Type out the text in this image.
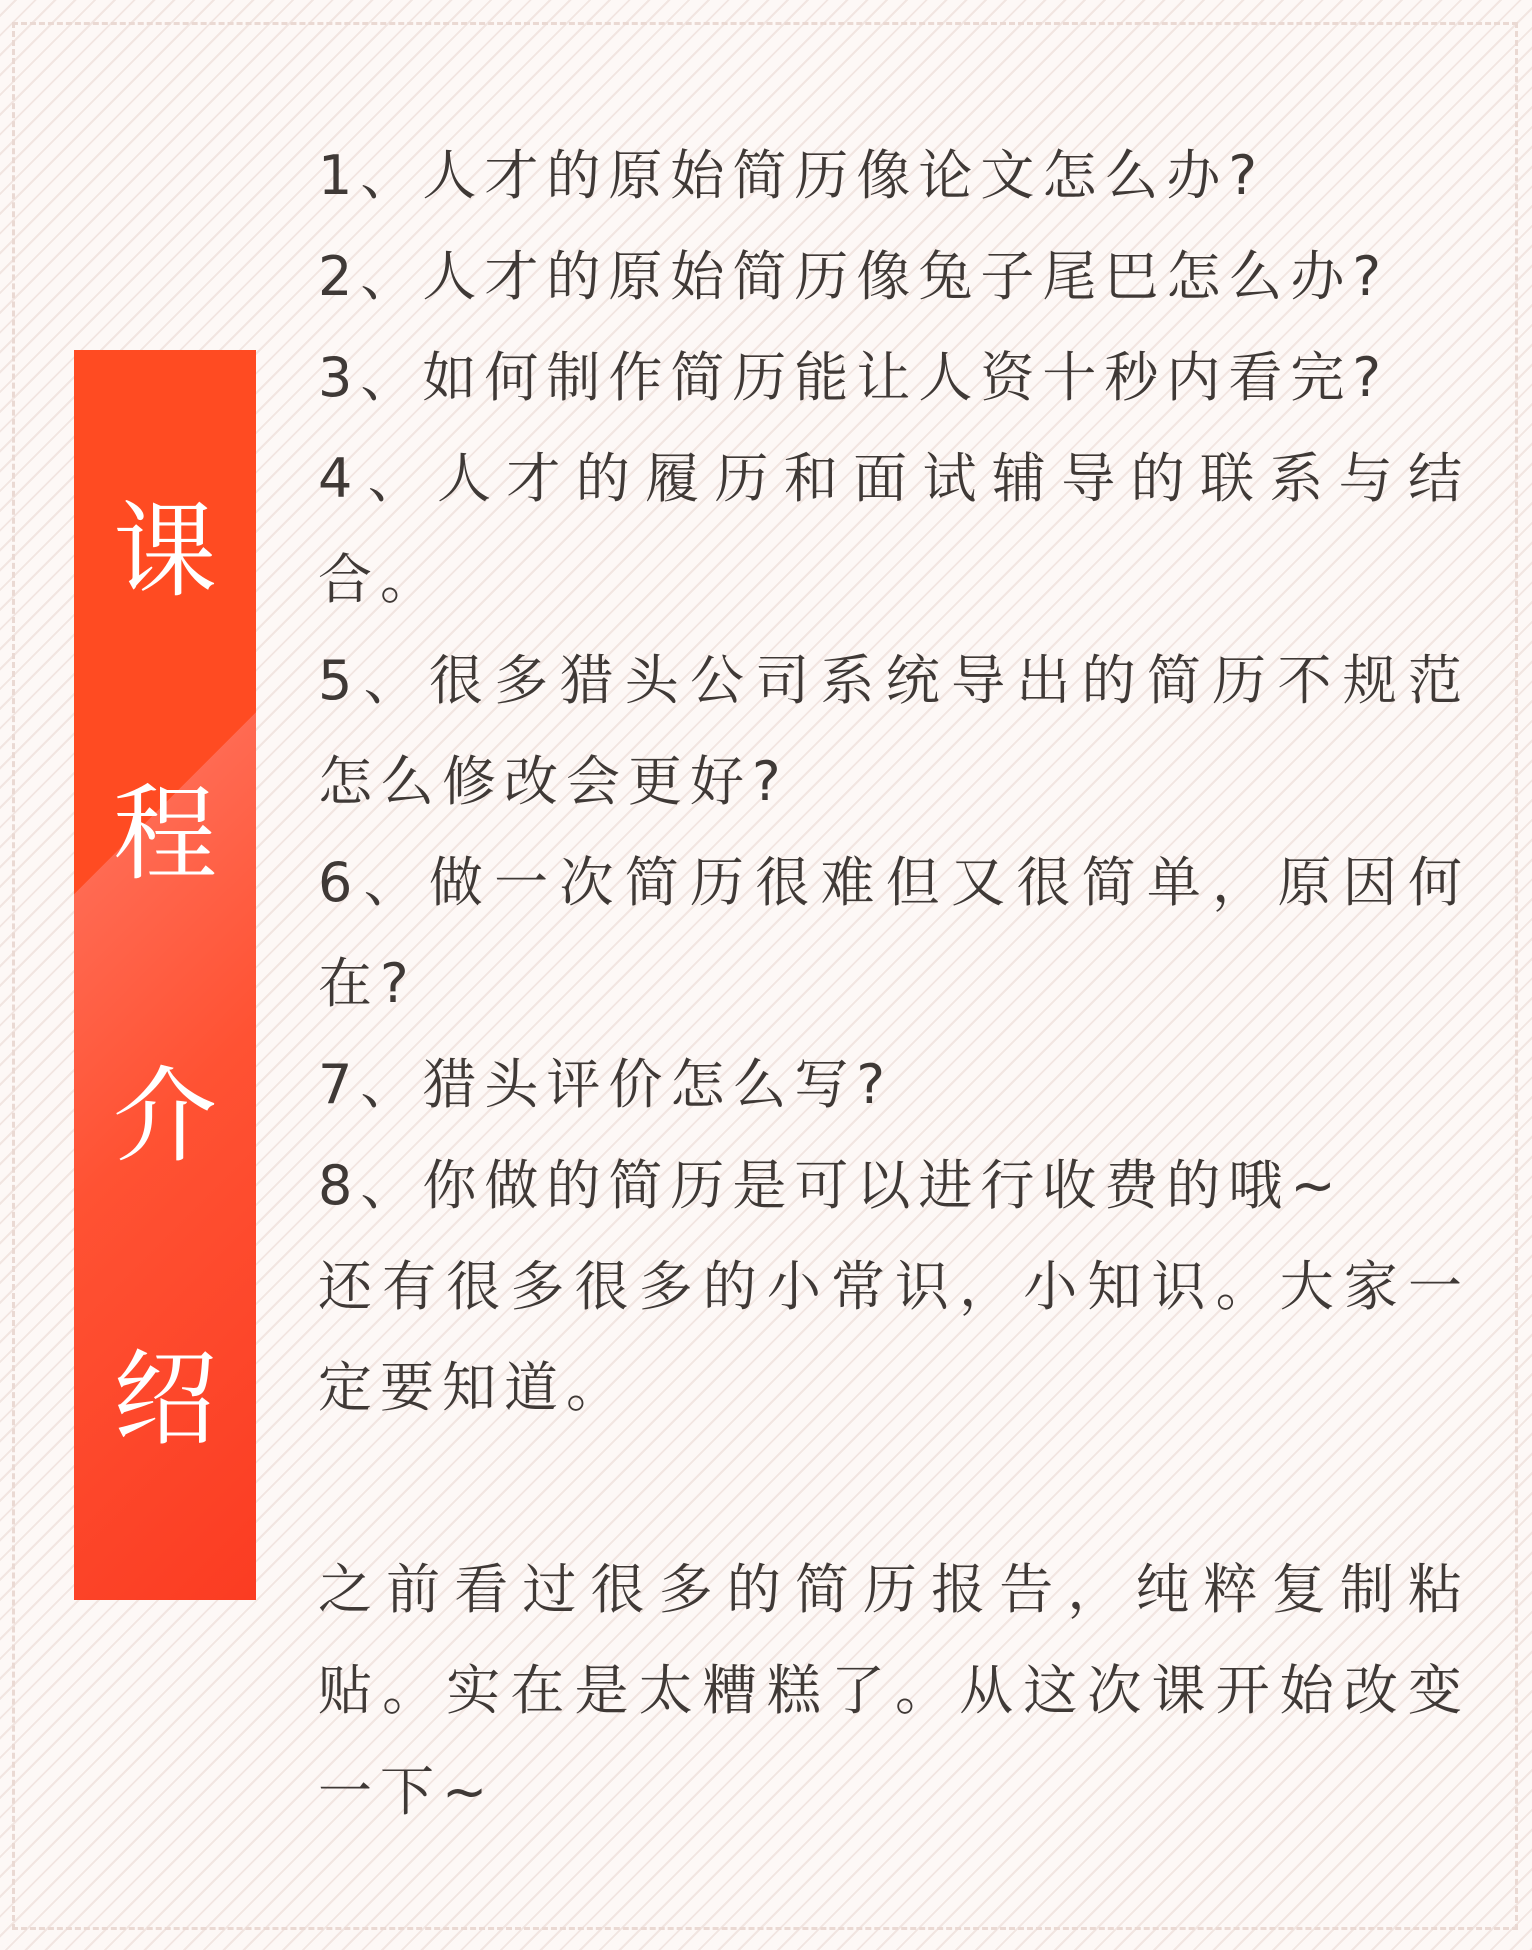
课
程
介
绍
1、人才的原始简历像论文怎么办?
2、人才的原始简历像兔子尾巴怎么办?
3、如何制作简历能让人资十秒内看完?
4、人才的履历和面试辅导的联系与结
合。
5、很多猎头公司系统导出的简历不规范
怎么修改会更好?
6、做一次简历很难但又很简单，原因何
在?
7、猎头评价怎么写?
8、你做的简历是可以进行收费的哦~
还有很多很多的小常识，小知识。大家一
定要知道。
之前看过很多的简历报告，纯粹复制粘
贴。实在是太糟糕了。从这次课开始改变
一下~
